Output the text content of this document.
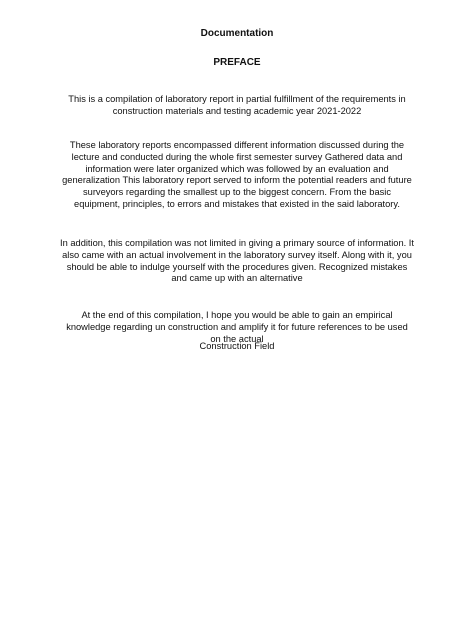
Documentation

PREFACE

This is a compilation of laboratory report in partial fulfillment of the requirements in construction materials and testing academic year 2021-2022

These laboratory reports encompassed different information discussed during the lecture and conducted during the whole first semester survey Gathered data and information were later organized which was followed by an evaluation and generalization This laboratory report served to inform the potential readers and future surveyors regarding the smallest up to the biggest concern. From the basic equipment, principles, to errors and mistakes that existed in the said laboratory.

In addition, this compilation was not limited in giving a primary source of information. It also came with an actual involvement in the laboratory survey itself. Along with it, you should be able to indulge yourself with the procedures given. Recognized mistakes and came up with an alternative

At the end of this compilation, I hope you would be able to gain an empirical knowledge regarding un construction and amplify it for future references to be used on the actual

Construction Field
